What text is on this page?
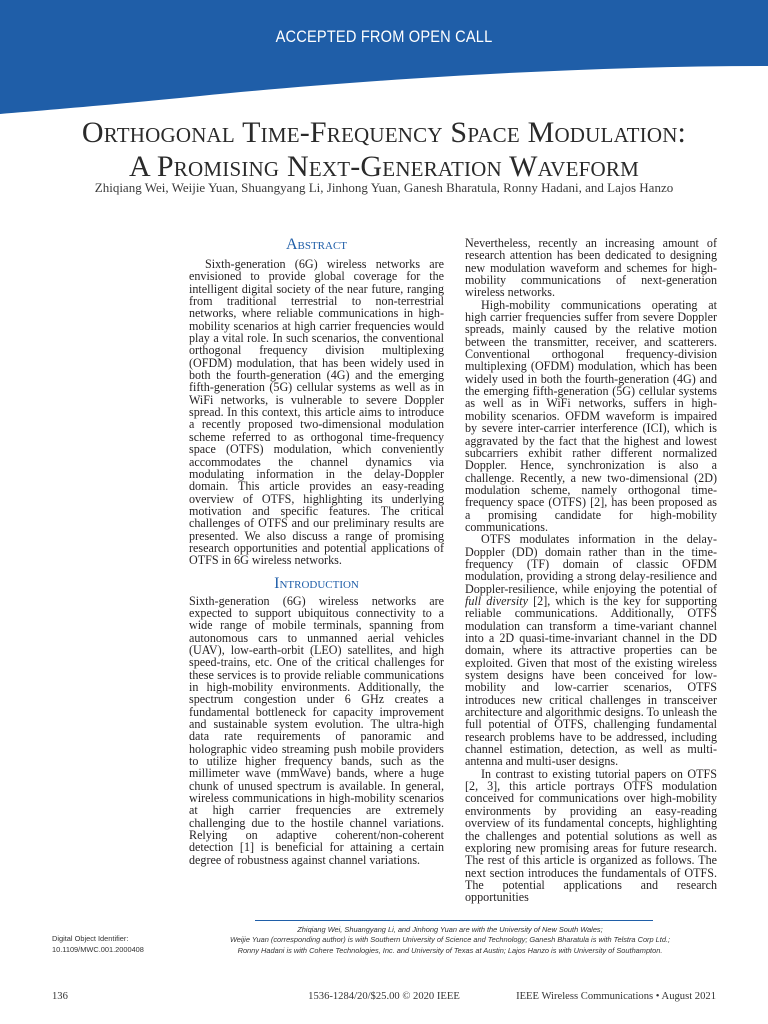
ACCEPTED FROM OPEN CALL
Orthogonal Time-Frequency Space Modulation:
A Promising Next-Generation Waveform
Zhiqiang Wei, Weijie Yuan, Shuangyang Li, Jinhong Yuan, Ganesh Bharatula, Ronny Hadani, and Lajos Hanzo
Abstract

Sixth-generation (6G) wireless networks are envisioned to provide global coverage for the intelligent digital society of the near future, ranging from traditional terrestrial to non-terrestrial networks, where reliable communications in high-mobility scenarios at high carrier frequencies would play a vital role. In such scenarios, the conventional orthogonal frequency division multiplexing (OFDM) modulation, that has been widely used in both the fourth-generation (4G) and the emerging fifth-generation (5G) cellular systems as well as in WiFi networks, is vulnerable to severe Doppler spread. In this context, this article aims to introduce a recently proposed two-dimensional modulation scheme referred to as orthogonal time-frequency space (OTFS) modulation, which conveniently accommodates the channel dynamics via modulating information in the delay-Doppler domain. This article provides an easy-reading overview of OTFS, highlighting its underlying motivation and specific features. The critical challenges of OTFS and our preliminary results are presented. We also discuss a range of promising research opportunities and potential applications of OTFS in 6G wireless networks.

Introduction

Sixth-generation (6G) wireless networks are expected to support ubiquitous connectivity to a wide range of mobile terminals, spanning from autonomous cars to unmanned aerial vehicles (UAV), low-earth-orbit (LEO) satellites, and high speed-trains, etc. One of the critical challenges for these services is to provide reliable communications in high-mobility environments. Additionally, the spectrum congestion under 6 GHz creates a fundamental bottleneck for capacity improvement and sustainable system evolution. The ultra-high data rate requirements of panoramic and holographic video streaming push mobile providers to utilize higher frequency bands, such as the millimeter wave (mmWave) bands, where a huge chunk of unused spectrum is available. In general, wireless communications in high-mobility scenarios at high carrier frequencies are extremely challenging due to the hostile channel variations. Relying on adaptive coherent/non-coherent detection [1] is beneficial for attaining a certain degree of robustness against channel variations.

Nevertheless, recently an increasing amount of research attention has been dedicated to designing new modulation waveform and schemes for high-mobility communications of next-generation wireless networks.

High-mobility communications operating at high carrier frequencies suffer from severe Doppler spreads, mainly caused by the relative motion between the transmitter, receiver, and scatterers. Conventional orthogonal frequency-division multiplexing (OFDM) modulation, which has been widely used in both the fourth-generation (4G) and the emerging fifth-generation (5G) cellular systems as well as in WiFi networks, suffers in high-mobility scenarios. OFDM waveform is impaired by severe inter-carrier interference (ICI), which is aggravated by the fact that the highest and lowest subcarriers exhibit rather different normalized Doppler. Hence, synchronization is also a challenge. Recently, a new two-dimensional (2D) modulation scheme, namely orthogonal time-frequency space (OTFS) [2], has been proposed as a promising candidate for high-mobility communications.

OTFS modulates information in the delay-Doppler (DD) domain rather than in the time-frequency (TF) domain of classic OFDM modulation, providing a strong delay-resilience and Doppler-resilience, while enjoying the potential of full diversity [2], which is the key for supporting reliable communications. Additionally, OTFS modulation can transform a time-variant channel into a 2D quasi-time-invariant channel in the DD domain, where its attractive properties can be exploited. Given that most of the existing wireless system designs have been conceived for low-mobility and low-carrier scenarios, OTFS introduces new critical challenges in transceiver architecture and algorithmic designs. To unleash the full potential of OTFS, challenging fundamental research problems have to be addressed, including channel estimation, detection, as well as multi-antenna and multi-user designs.

In contrast to existing tutorial papers on OTFS [2, 3], this article portrays OTFS modulation conceived for communications over high-mobility environments by providing an easy-reading overview of its fundamental concepts, highlighting the challenges and potential solutions as well as exploring new promising areas for future research. The rest of this article is organized as follows. The next section introduces the fundamentals of OTFS. The potential applications and research opportunities

Zhiqiang Wei, Shuangyang Li, and Jinhong Yuan are with the University of New South Wales;
Weijie Yuan (corresponding author) is with Southern University of Science and Technology; Ganesh Bharatula is with Telstra Corp Ltd.;
Ronny Hadani is with Cohere Technologies, Inc. and University of Texas at Austin; Lajos Hanzo is with University of Southampton.
Digital Object Identifier:
10.1109/MWC.001.2000408
136	1536-1284/20/$25.00 © 2020 IEEE	IEEE Wireless Communications • August 2021
